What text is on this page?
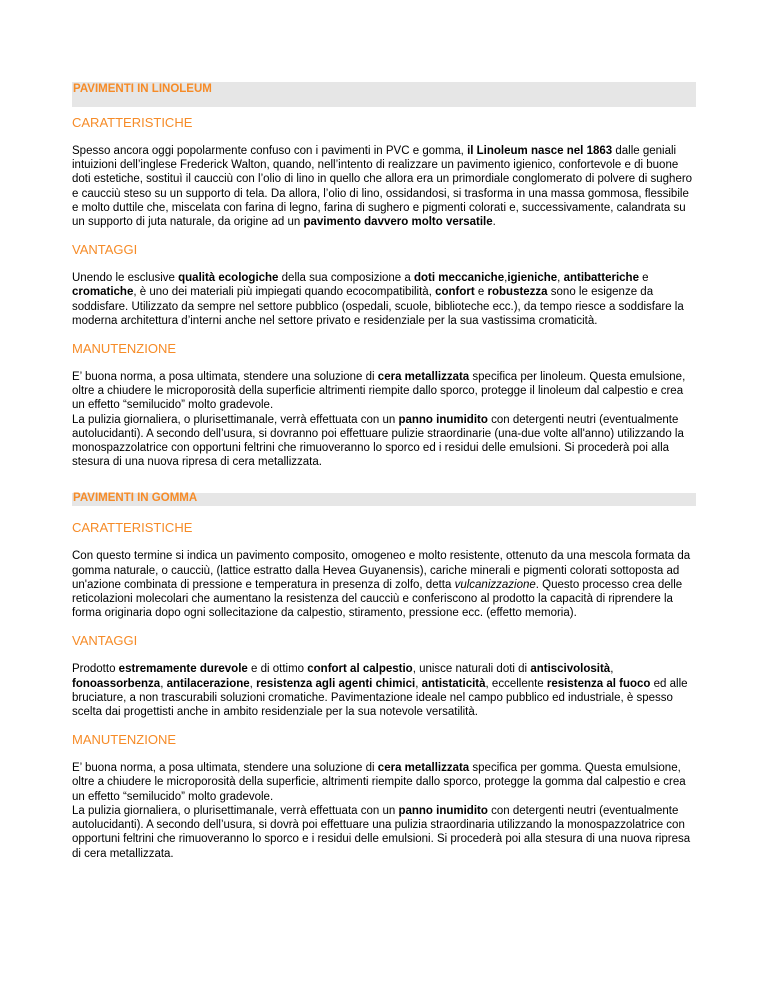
PAVIMENTI IN LINOLEUM

CARATTERISTICHE

Spesso ancora oggi popolarmente confuso con i pavimenti in PVC e gomma, il Linoleum nasce nel 1863 dalle geniali intuizioni dell’inglese Frederick Walton, quando, nell’intento di realizzare un pavimento igienico, confortevole e di buone doti estetiche, sostituì il caucciù con l’olio di lino in quello che allora era un primordiale conglomerato di polvere di sughero e caucciù steso su un supporto di tela. Da allora, l’olio di lino, ossidandosi, si trasforma in una massa gommosa, flessibile e molto duttile che, miscelata con farina di legno, farina di sughero e pigmenti colorati e, successivamente, calandrata su un supporto di juta naturale, da origine ad un pavimento davvero molto versatile.

VANTAGGI

Unendo le esclusive qualità ecologiche della sua composizione a doti meccaniche,igieniche, antibatteriche e cromatiche, è uno dei materiali più impiegati quando ecocompatibilità, confort e robustezza sono le esigenze da soddisfare. Utilizzato da sempre nel settore pubblico (ospedali, scuole, biblioteche ecc.), da tempo riesce a soddisfare la moderna architettura d’interni anche nel settore privato e residenziale per la sua vastissima cromaticità.

MANUTENZIONE

E’ buona norma, a posa ultimata, stendere una soluzione di cera metallizzata specifica per linoleum. Questa emulsione, oltre a chiudere le microporosità della superficie altrimenti riempite dallo sporco, protegge il linoleum dal calpestio e crea un effetto “semilucido” molto gradevole.
La pulizia giornaliera, o plurisettimanale, verrà effettuata con un panno inumidito con detergenti neutri (eventualmente autolucidanti). A secondo dell’usura, si dovranno poi effettuare pulizie straordinarie (una-due volte all'anno) utilizzando la monospazzolatrice con opportuni feltrini che rimuoveranno lo sporco ed i residui delle emulsioni. Si procederà poi alla stesura di una nuova ripresa di cera metallizzata.

PAVIMENTI IN GOMMA

CARATTERISTICHE

Con questo termine si indica un pavimento composito, omogeneo e molto resistente, ottenuto da una mescola formata da gomma naturale, o caucciù, (lattice estratto dalla Hevea Guyanensis), cariche minerali e pigmenti colorati sottoposta ad un'azione combinata di pressione e temperatura in presenza di zolfo, detta vulcanizzazione. Questo processo crea delle reticolazioni molecolari che aumentano la resistenza del caucciù e conferiscono al prodotto la capacità di riprendere la forma originaria dopo ogni sollecitazione da calpestio, stiramento, pressione ecc. (effetto memoria).

VANTAGGI

Prodotto estremamente durevole e di ottimo confort al calpestio, unisce naturali doti di antiscivolosità, fonoassorbenza, antilacerazione, resistenza agli agenti chimici, antistaticità, eccellente resistenza al fuoco ed alle bruciature, a non trascurabili soluzioni cromatiche. Pavimentazione ideale nel campo pubblico ed industriale, è spesso scelta dai progettisti anche in ambito residenziale per la sua notevole versatilità.

MANUTENZIONE

E’ buona norma, a posa ultimata, stendere una soluzione di cera metallizzata specifica per gomma. Questa emulsione, oltre a chiudere le microporosità della superficie, altrimenti riempite dallo sporco, protegge la gomma dal calpestio e crea un effetto “semilucido” molto gradevole.
La pulizia giornaliera, o plurisettimanale, verrà effettuata con un panno inumidito con detergenti neutri (eventualmente autolucidanti). A secondo dell’usura, si dovrà poi effettuare una pulizia straordinaria utilizzando la monospazzolatrice con opportuni feltrini che rimuoveranno lo sporco e i residui delle emulsioni. Si procederà poi alla stesura di una nuova ripresa di cera metallizzata.
